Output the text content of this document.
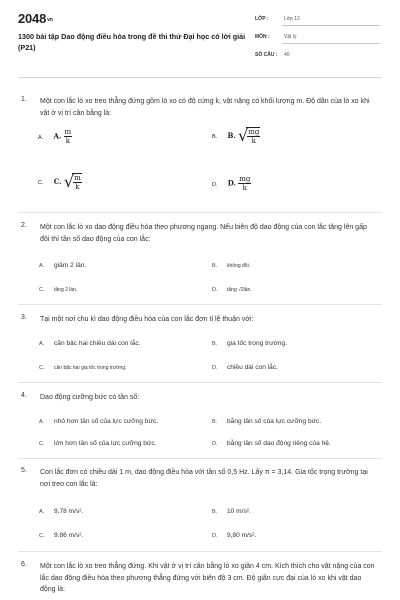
2048vn
1300 bài tập Dao động điều hòa trong đề thi thử Đại học có lời giải (P21)
LỚP :	Lớp 12
MÔN :	Vật lý
SỐ CÂU : 40
1. Một con lắc lò xo treo thẳng đứng gồm lò xo có độ cứng k, vật nặng có khối lượng m. Độ dãn của lò xo khi vật ở vị trí cân bằng là:
A. A. $\frac{m}{k}$	B. B. √ $\frac{mg}{k}$
C. C. √ $\frac{m}{k}$	D. D. $\frac{mg}{k}$
2. Một con lắc lò xo dao động điều hòa theo phương ngang. Nếu biên độ dao động của con lắc tăng lên gấp đôi thì tần số dao động của con lắc:
A. giảm 2 lần.	B. không đổi.
C. tăng 2 lần.	D. tăng √2lần.
3. Tại một nơi chu kì dao động điều hòa của con lắc đơn tỉ lệ thuận với:
A. căn bậc hai chiều dài con lắc.	B. gia tốc trọng trường.
C. căn bậc hai gia tốc trọng trường.	D. chiều dài con lắc.
4. Dao động cưỡng bức có tần số:
A. nhỏ hơn tần số của lực cưỡng bức.	B. bằng tần số của lực cưỡng bức.
C. lớn hơn tần số của lực cưỡng bức.	D. bằng tần số dao động riêng của hệ.
5. Con lắc đơn có chiều dài 1 m, dao động điều hòa với tần số 0,5 Hz. Lấy π = 3,14. Gia tốc trọng trường tại nơi treo con lắc là:
A. 9,78 m/s².	B. 10 m/s².
C. 9,86 m/s².	D. 9,80 m/s².
6. Một con lắc lò xo treo thẳng đứng. Khi vật ở vị trí cân bằng lò xo giãn 4 cm. Kích thích cho vật nặng của con lắc dao động điều hòa theo phương thẳng đứng với biên độ 3 cm. Độ giãn cực đại của lò xo khi vật dao động là:
